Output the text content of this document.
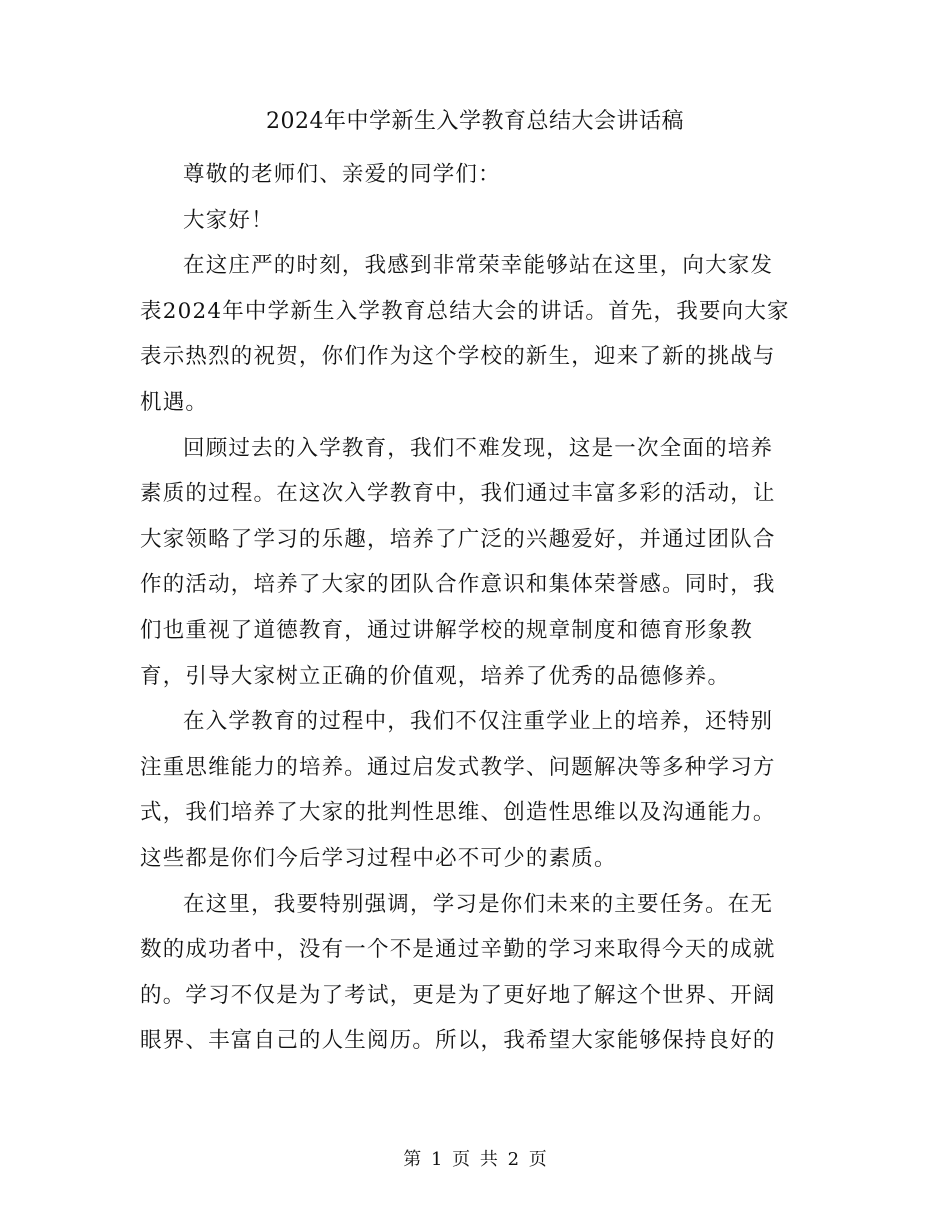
2024年中学新生入学教育总结大会讲话稿

尊敬的老师们、亲爱的同学们：

大家好！

在这庄严的时刻，我感到非常荣幸能够站在这里，向大家发
表2024年中学新生入学教育总结大会的讲话。首先，我要向大家
表示热烈的祝贺，你们作为这个学校的新生，迎来了新的挑战与
机遇。

回顾过去的入学教育，我们不难发现，这是一次全面的培养
素质的过程。在这次入学教育中，我们通过丰富多彩的活动，让
大家领略了学习的乐趣，培养了广泛的兴趣爱好，并通过团队合
作的活动，培养了大家的团队合作意识和集体荣誉感。同时，我
们也重视了道德教育，通过讲解学校的规章制度和德育形象教
育，引导大家树立正确的价值观，培养了优秀的品德修养。

在入学教育的过程中，我们不仅注重学业上的培养，还特别
注重思维能力的培养。通过启发式教学、问题解决等多种学习方
式，我们培养了大家的批判性思维、创造性思维以及沟通能力。
这些都是你们今后学习过程中必不可少的素质。

在这里，我要特别强调，学习是你们未来的主要任务。在无
数的成功者中，没有一个不是通过辛勤的学习来取得今天的成就
的。学习不仅是为了考试，更是为了更好地了解这个世界、开阔
眼界、丰富自己的人生阅历。所以，我希望大家能够保持良好的

第 1 页 共 2 页
